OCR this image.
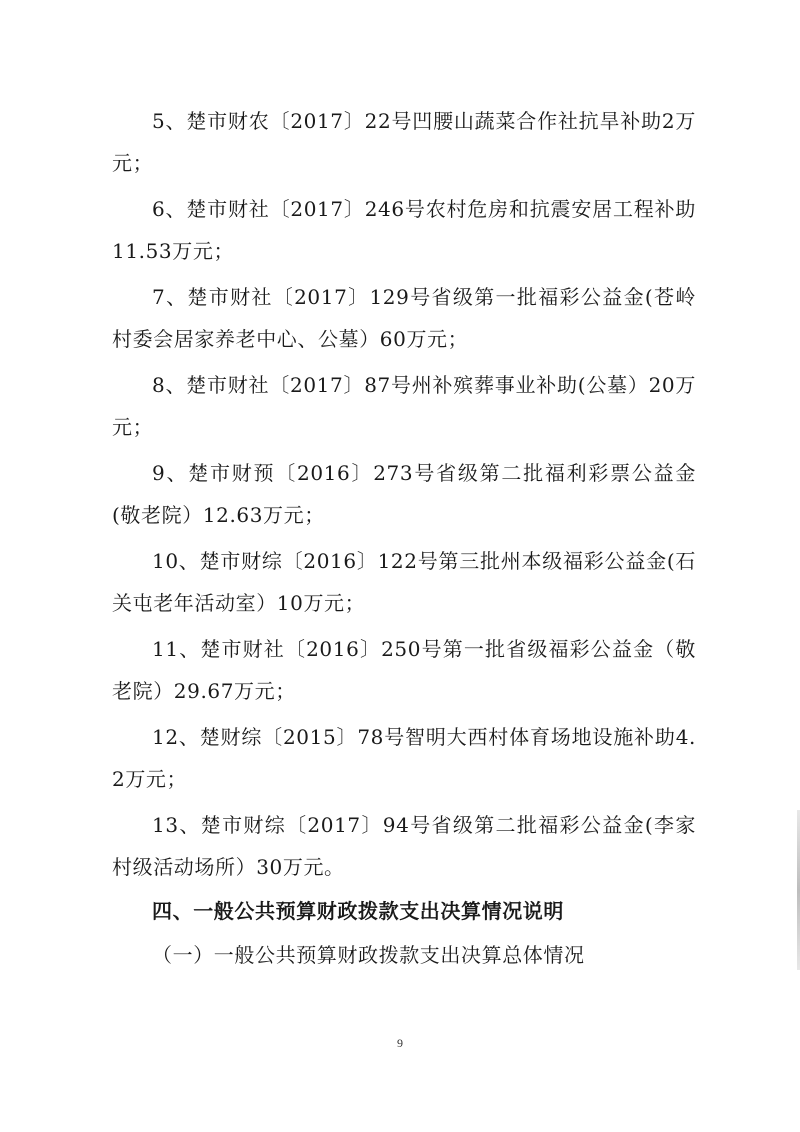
5、楚市财农〔2017〕22号凹腰山蔬菜合作社抗旱补助2万元；

6、楚市财社〔2017〕246号农村危房和抗震安居工程补助11.53万元；

7、楚市财社〔2017〕129号省级第一批福彩公益金(苍岭村委会居家养老中心、公墓）60万元；

8、楚市财社〔2017〕87号州补殡葬事业补助(公墓）20万元；

9、楚市财预〔2016〕273号省级第二批福利彩票公益金(敬老院）12.63万元；

10、楚市财综〔2016〕122号第三批州本级福彩公益金(石关屯老年活动室）10万元；

11、楚市财社〔2016〕250号第一批省级福彩公益金（敬老院）29.67万元；

12、楚财综〔2015〕78号智明大西村体育场地设施补助4.2万元；

13、楚市财综〔2017〕94号省级第二批福彩公益金(李家村级活动场所）30万元。

四、一般公共预算财政拨款支出决算情况说明

（一）一般公共预算财政拨款支出决算总体情况

9
